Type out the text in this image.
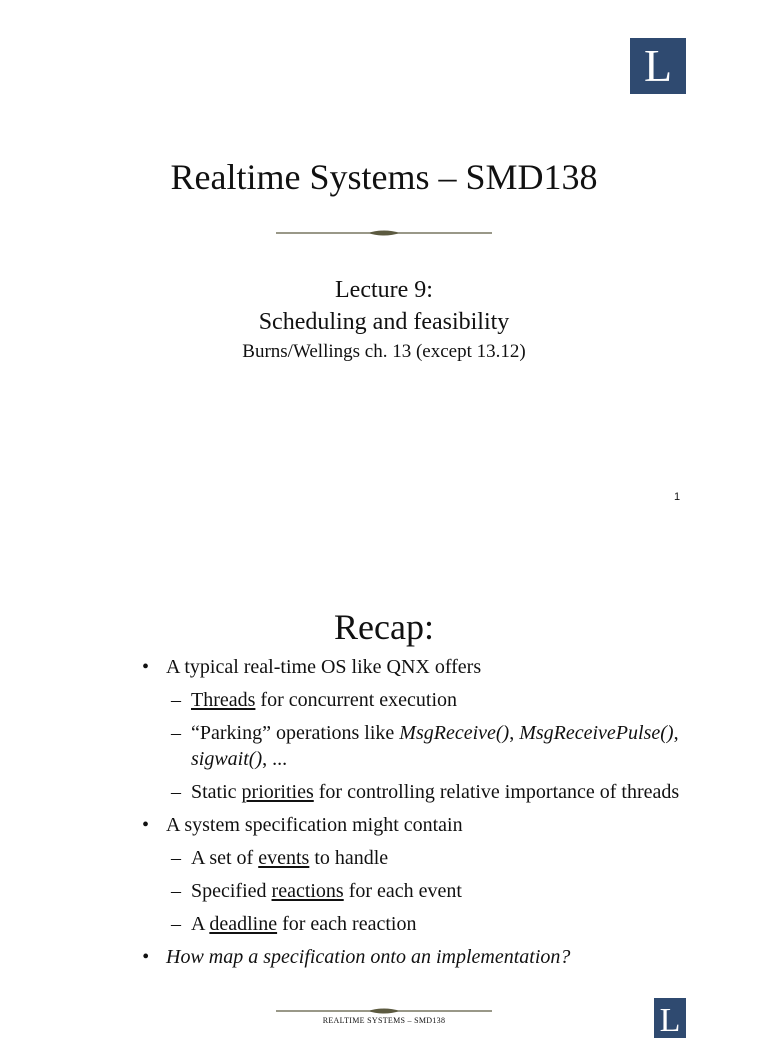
L
Realtime Systems – SMD138
Lecture 9:
Scheduling and feasibility
Burns/Wellings ch. 13 (except 13.12)
1
Recap:
• A typical real-time OS like QNX offers
– Threads for concurrent execution
– “Parking” operations like MsgReceive(), MsgReceivePulse(), sigwait(), ...
– Static priorities for controlling relative importance of threads
• A system specification might contain
– A set of events to handle
– Specified reactions for each event
– A deadline for each reaction
• How map a specification onto an implementation?
L
REALTIME SYSTEMS – SMD138
